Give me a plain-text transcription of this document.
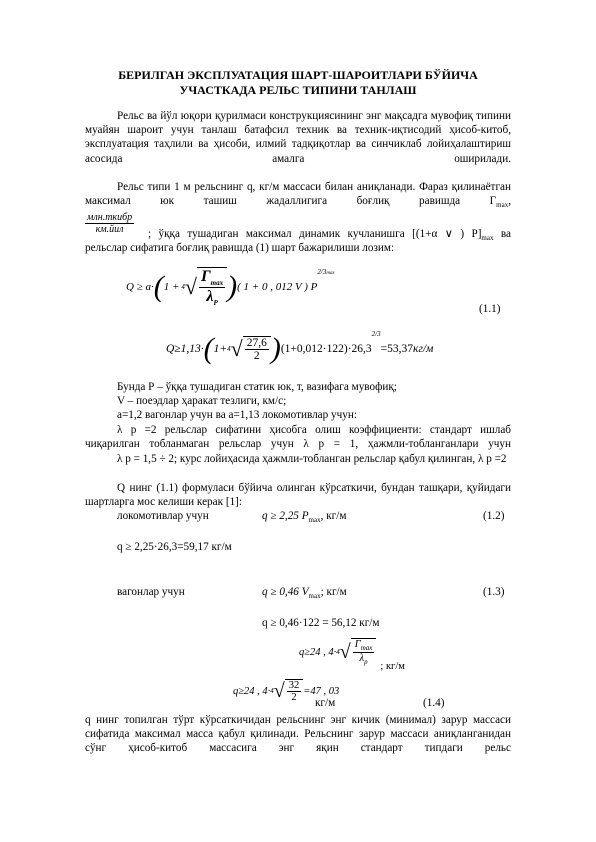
БЕРИЛГАН ЭКСПЛУАТАЦИЯ ШАРТ-ШАРОИТЛАРИ БЎЙИЧА
УЧАСТКАДА РЕЛЬС ТИПИНИ ТАНЛАШ
Рельс ва йўл юқори қурилмаси конструкциясининг энг мақсадга мувофиқ типини муайян шароит учун танлаш батафсил техник ва техник-иқтисодий ҳисоб-китоб, эксплуатация таҳлили ва ҳисоби, илмий тадқиқотлар ва синчиклаб лойиҳалаштириш асосида амалга оширилади.
Рельс типи 1 м рельснинг q, кг/м массаси билан аниқланади. Фараз қилинаётган максимал юк ташиш жадаллигига боғлиқ равишда $Г_{max}$,
$\frac{\text{млн.ткибр}}{\text{км.йил}}$ ; ўққа тушадиган максимал динамик кучланишга [(1+α ∨ ) $P]_{max}$ ва
рельслар сифатига боғлиқ равишда (1) шарт бажарилиши лозим:
Q ≥ a· ( 1 + 4 √ $\frac{Г_{max}}{\lambda_P}$ ) ( 1 + 0 , 012 V ) P
2/3max
(1.1)
Q≥1,13· ( 1+ 4 √ $\frac{27,6}{2}$ ) (1+0,012·122)·26,3
2/3
=53,37 кг/м
Бунда Р – ўққа тушадиган статик юк, т, вазифага мувофиқ;
V – поеэдлар ҳаракат тезлиги, км/с;
а=1,2 вагонлар учун ва а=1,13 локомотивлар учун:
λ р =2 рельслар сифатини ҳисобга олиш коэффициенти: стандарт ишлаб чиқарилган тобланмаган рельслар учун λ р = 1, ҳажмли-тобланганлари учун
λ р = 1,5 ÷ 2; курс лойиҳасида ҳажмли-тобланган рельслар қабул қилинган, λ р =2
Q нинг (1.1) формуласи бўйича олинган кўрсаткичи, бундан ташқари, қуйидаги шартларга мос келиши керак [1]:
локомотивлар учун	q ≥ 2,25 $P_{max}$, кг/м	(1.2)
q ≥ 2,25·26,3=59,17 кг/м
вагонлар учун	q ≥ 0,46 $V_{max}$; кг/м	(1.3)
q ≥ 0,46·122 = 56,12 кг/м
q≥24 , 4· 4 √ $\frac{Г_{max}}{\lambda_p}$
; кг/м
q≥24 , 4· 4 √ $\frac{32}{2} =47$ , 03
кг/м	(1.4)
q нинг топилган тўрт кўрсаткичидан рельснинг энг кичик (минимал) зарур массаси сифатида максимал масса қабул қилинади. Рельснинг зарур массаси аниқланганидан сўнг ҳисоб-китоб массасига энг яқин стандарт типдаги рельс
